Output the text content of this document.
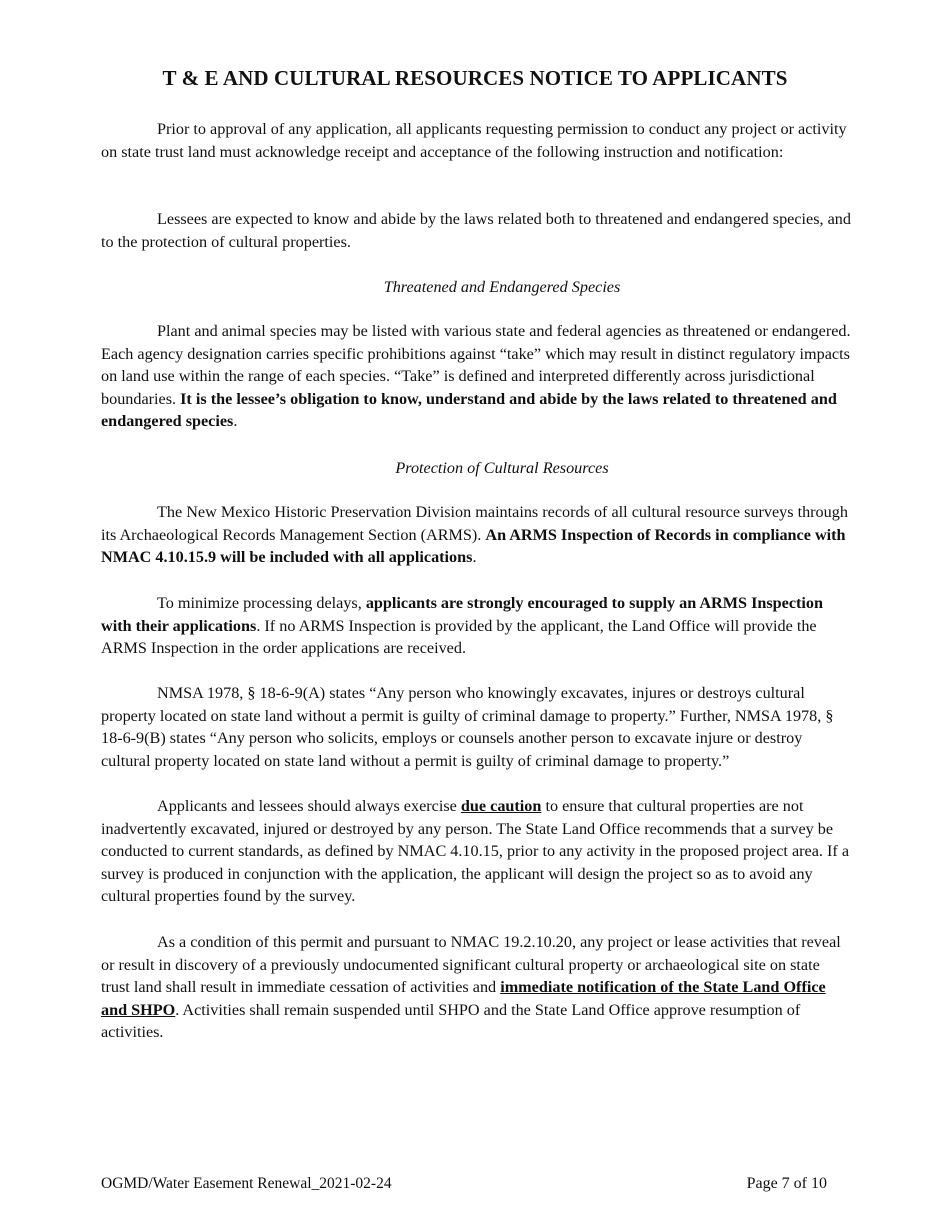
T & E AND CULTURAL RESOURCES NOTICE TO APPLICANTS

Prior to approval of any application, all applicants requesting permission to conduct any project or activity on state trust land must acknowledge receipt and acceptance of the following instruction and notification:

Lessees are expected to know and abide by the laws related both to threatened and endangered species, and to the protection of cultural properties.

Threatened and Endangered Species

Plant and animal species may be listed with various state and federal agencies as threatened or endangered. Each agency designation carries specific prohibitions against “take” which may result in distinct regulatory impacts on land use within the range of each species. “Take” is defined and interpreted differently across jurisdictional boundaries. It is the lessee’s obligation to know, understand and abide by the laws related to threatened and endangered species.

Protection of Cultural Resources

The New Mexico Historic Preservation Division maintains records of all cultural resource surveys through its Archaeological Records Management Section (ARMS). An ARMS Inspection of Records in compliance with NMAC 4.10.15.9 will be included with all applications.

To minimize processing delays, applicants are strongly encouraged to supply an ARMS Inspection with their applications. If no ARMS Inspection is provided by the applicant, the Land Office will provide the ARMS Inspection in the order applications are received.

NMSA 1978, § 18-6-9(A) states “Any person who knowingly excavates, injures or destroys cultural property located on state land without a permit is guilty of criminal damage to property.” Further, NMSA 1978, § 18-6-9(B) states “Any person who solicits, employs or counsels another person to excavate injure or destroy cultural property located on state land without a permit is guilty of criminal damage to property.”

Applicants and lessees should always exercise due caution to ensure that cultural properties are not inadvertently excavated, injured or destroyed by any person. The State Land Office recommends that a survey be conducted to current standards, as defined by NMAC 4.10.15, prior to any activity in the proposed project area. If a survey is produced in conjunction with the application, the applicant will design the project so as to avoid any cultural properties found by the survey.

As a condition of this permit and pursuant to NMAC 19.2.10.20, any project or lease activities that reveal or result in discovery of a previously undocumented significant cultural property or archaeological site on state trust land shall result in immediate cessation of activities and immediate notification of the State Land Office and SHPO. Activities shall remain suspended until SHPO and the State Land Office approve resumption of activities.

OGMD/Water Easement Renewal_2021-02-24	Page 7 of 10
